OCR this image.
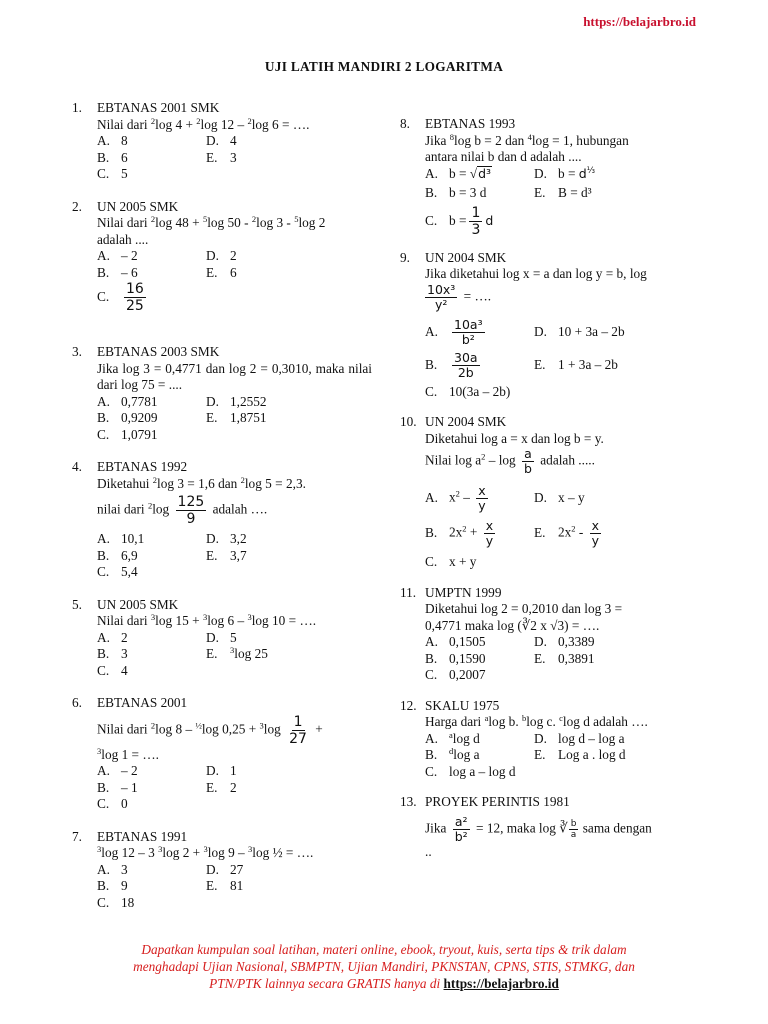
https://belajarbro.id
UJI LATIH MANDIRI 2 LOGARITMA
1. EBTANAS 2001 SMK
Nilai dari $^2$log 4 + $^2$log 12 – $^2$log 6 = ….
A. 8	D. 4
B. 6	E. 3
C. 5
2. UN 2005 SMK
Nilai dari $^2$log 48 + $^5$log 50 - $^2$log 3 - $^5$log 2
adalah ....
A. – 2	D. 2
B. – 6	E. 6
C.	$\frac{16}{25}$
3. EBTANAS 2003 SMK
Jika log 3 = 0,4771 dan log 2 = 0,3010, maka nilai dari log 75 = ....
A. 0,7781	D. 1,2552
B. 0,9209	E. 1,8751
C. 1,0791
4. EBTANAS 1992
Diketahui $^2$log 3 = 1,6 dan $^2$log 5 = 2,3.
nilai dari $^2\log \frac{125}{9}$ adalah ….
A. 10,1	D. 3,2
B. 6,9	E. 3,7
C. 5,4
5. UN 2005 SMK
Nilai dari $^3$log 15 + $^3$log 6 – $^3$log 10 = ….
A. 2	D. 5
B. 3	E.	$^3$log 25
C. 4
6. EBTANAS 2001
Nilai dari $^2$log 8 – $^{\frac{1}{2}}$log $0,25 + ^3\log \frac{1}{27}$ +
$^3$log 1 = ….
A. – 2	D. 1
B. – 1	E. 2
C. 0
7. EBTANAS 1991
$^3$log 12 – 3 $^3$log 2 + $^3$log 9 – $^3$log ½ = ….
A. 3	D. 27
B. 9	E. 81
C. 18
8. EBTANAS 1993
Jika $^8$log b = 2 dan $^4$log = 1, hubungan
antara nilai b dan d adalah ....
A. b = √d³	D. $b = d^{\frac{1}{3}}$
B. b = 3 d	E. B = d³
C. $b = \frac{1}{3}$ d
9. UN 2004 SMK
Jika diketahui log x = a dan log y = b, log
$\frac{\text{10x³}}{\text{y²}}$ = ….
A.	$\frac{\text{10a³}}{\text{b²}}$	D. 10 + 3a – 2b
B.	$\frac{30a}{2b}$	E. 1 + 3a – 2b
C. 10(3a – 2b)
10. UN 2004 SMK
Diketahui log a = x dan log b = y.
Nilai $\log a^2$ – $\log \frac{a}{b}$ adalah .....
A. $x^2 - \frac{x}{y}$	D. x – y
B. $2x^2 + \frac{x}{y}$	E. $2x^2 - \frac{x}{y}$
C. x + y
11. UMPTN 1999
Diketahui log 2 = 0,2010 dan log 3 =
0,4771 maka log (∛2 x √3) = ….
A. 0,1505	D. 0,3389
B. 0,1590	E. 0,3891
C. 0,2007
12. SKALU 1975
Harga dari $^a$log b. $^b$log c. $^c$log d adalah ….
A.	$^a$log d	D. log d – log a
B.	$^d$log a	E. Log a . log d
C. log a – log d
13. PROYEK PERINTIS 1981
Jika $\frac{\text{a²}}{\text{b²}} = 12$, maka log ∛ $\frac{b}{a}$ sama dengan
..
Dapatkan kumpulan soal latihan, materi online, ebook, tryout, kuis, serta tips & trik dalam
menghadapi Ujian Nasional, SBMPTN, Ujian Mandiri, PKNSTAN, CPNS, STIS, STMKG, dan
PTN/PTK lainnya secara GRATIS hanya di https://belajarbro.id
